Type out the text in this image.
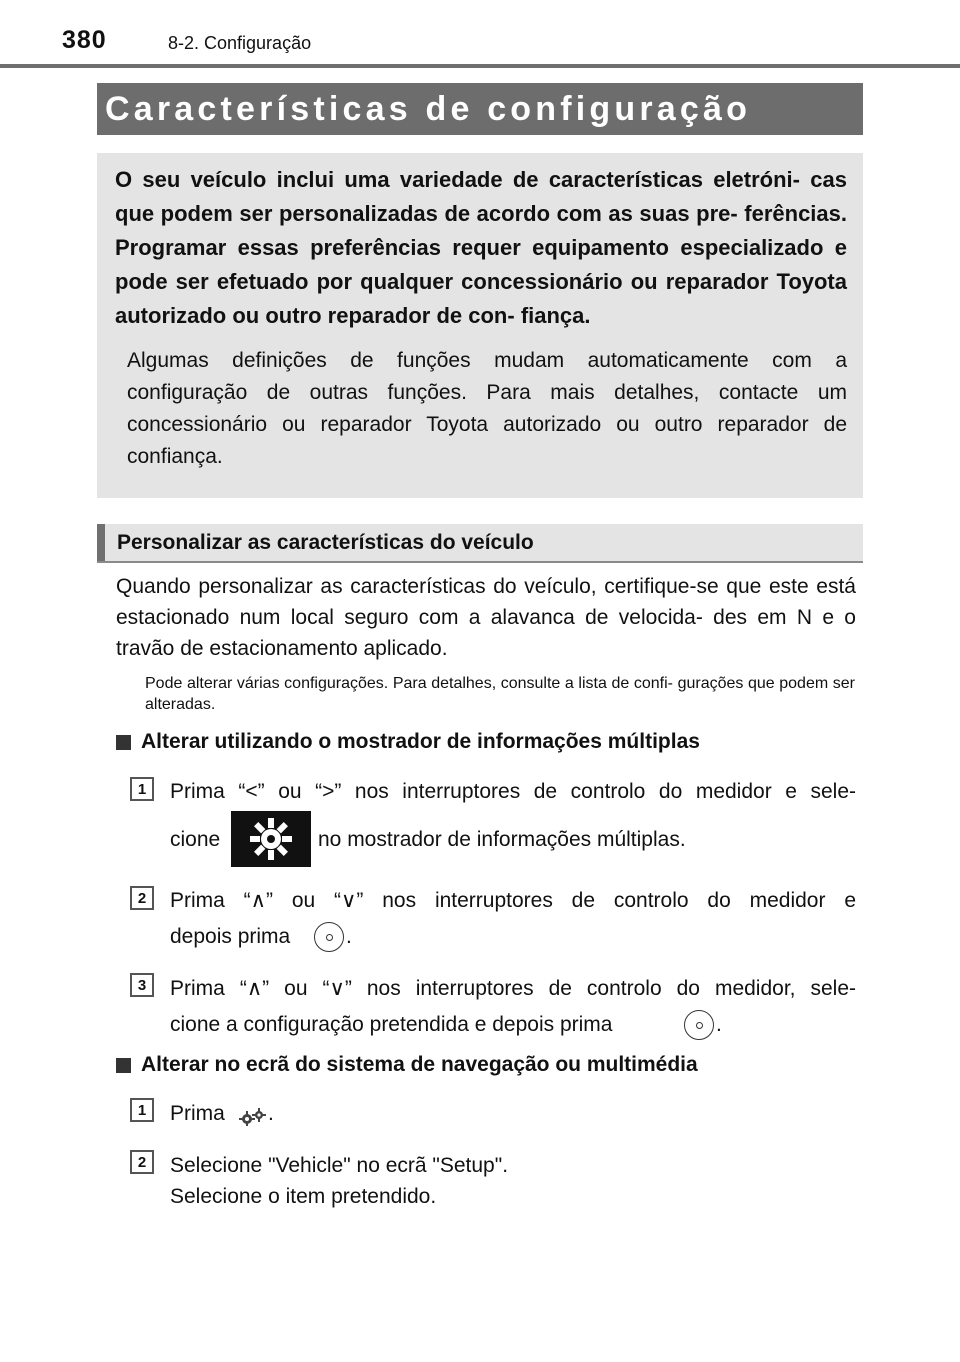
380	8-2. Configuração
Características de configuração

O seu veículo inclui uma variedade de características eletróni- cas que podem ser personalizadas de acordo com as suas pre- ferências. Programar essas preferências requer equipamento especializado e pode ser efetuado por qualquer concessionário ou reparador Toyota autorizado ou outro reparador de con- fiança.

Algumas definições de funções mudam automaticamente com a configuração de outras funções. Para mais detalhes, contacte um concessionário ou reparador Toyota autorizado ou outro reparador de confiança.

Personalizar as características do veículo

Quando personalizar as características do veículo, certifique-se que este está estacionado num local seguro com a alavanca de velocida- des em N e o travão de estacionamento aplicado.

Pode alterar várias configurações. Para detalhes, consulte a lista de confi- gurações que podem ser alteradas.

Alterar utilizando o mostrador de informações múltiplas
1	Prima “<” ou “>” nos interruptores de controlo do medidor e sele-
cione	no mostrador de informações múltiplas.
2	Prima “∧” ou “∨” nos interruptores de controlo do medidor e
depois prima	.
3	Prima “∧” ou “∨” nos interruptores de controlo do medidor, sele-
cione a configuração pretendida e depois prima	.
Alterar no ecrã do sistema de navegação ou multimédia
1	Prima	.
2	Selecione "Vehicle" no ecrã "Setup".
Selecione o item pretendido.
